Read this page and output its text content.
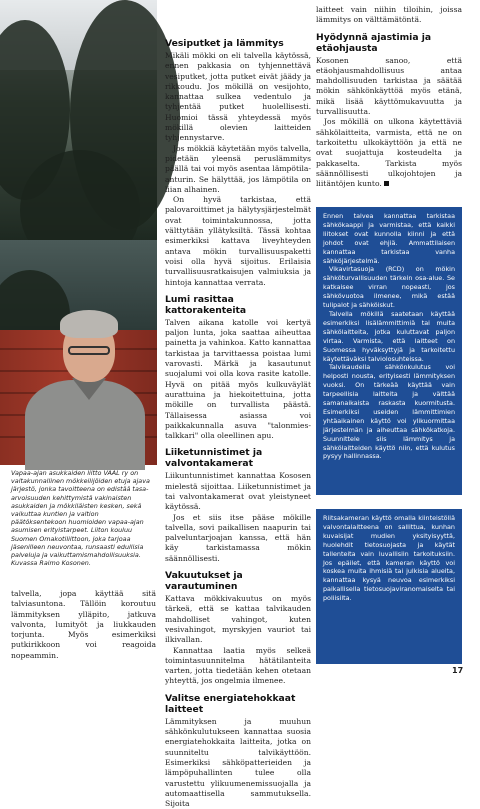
Vapaa-ajan asukkaiden liitto VAAL ry on valtakunnallinen mökkeilijöiden etuja ajava järjestö, jonka tavoitteena on edistää tasa-arvoisuuden kehittymistä vakinaisten asukkaiden ja mökkiläisten kesken, sekä vaikuttaa kuntien ja valtion päätöksentekoon huomioiden vapaa-ajan asumisen erityistarpeet. Liiton kouluu Suomen Omakotiliittoon, joka tarjoaa jäsenilleen neuvontaa, runsaasti edullisia palveluja ja vaikuttamismahdollisuuksia. Kuvassa Raimo Kosonen.
talvella, jopa käyttää sitä talviasuntona. Tällöin koroutuu lämmityksen ylläpito, jatkuva valvonta, lumityöt ja liukkauden torjunta. Myös esimerkiksi putkirikkoon voi reagoida nopeammin.
Vesiputket ja lämmitys

Mikäli mökki on eli talvella käytössä, ennen pakkasia on tyhjennettävä vesiputket, jotta putket eivät jäädy ja rikkoudu. Jos mökillä on vesijohto, kannattaa sulkea vedentulo ja tyhjentää putket huolellisesti. Huomioi tässä yhteydessä myös mökillä olevien laitteiden tyhjennystarve.

Jos mökkiä käytetään myös talvella, pidetään yleensä peruslämmitys päällä tai voi myös asentaa lämpötila-anturin. Se hälyttää, jos lämpötila on liian alhainen.

On hyvä tarkistaa, että palovaroittimet ja hälytysjärjestelmät ovat toimintakunnossa, jotta välttytään yllätyksiltä. Tässä kohtaa esimerkiksi kattava liveyhteyden antava mökin turvallisuuspaketti voisi olla hyvä sijoitus. Erilaisia turvallisuusratkaisujen valmiuksia ja hintoja kannattaa verrata.

Lumi rasittaa kattorakenteita

Talven aikana katolle voi kertyä paljon lunta, joka saattaa aiheuttaa painetta ja vahinkoa. Katto kannattaa tarkistaa ja tarvittaessa poistaa lumi varovasti. Märkä ja kasautunut suojalumi voi olla kova rasite katolle. Hyvä on pitää myös kulkuväylät aurattuina ja hiekoitettuina, jotta mökille on turvallista päästä. Tällaisessa asiassa voi paikkakunnalla asuva "talonmies-talkkari" olla oleellinen apu.

Liiketunnistimet ja valvontakamerat

Liikuntunnistimet kannattaa Kososen mielestä sijoittaa. Liiketunnistimet ja tai valvontakamerat ovat yleistyneet käytössä.

Jos et siis itse pääse mökille talvella, sovi paikallisen naapurin tai palveluntarjoajan kanssa, että hän käy tarkistamassa mökin säännöllisesti.

Vakuutukset ja varautuminen

Kattava mökkivakuutus on myös tärkeä, että se kattaa talvikauden mahdolliset vahingot, kuten vesivahingot, myrskyjen vauriot tai ilkivallan.

Kannattaa laatia myös selkeä toimintasuunnitelma hätätilanteita varten, jotta tiedetään kehen otetaan yhteyttä, jos ongelmia ilmenee.

Valitse energiatehokkaat laitteet

Lämmityksen ja muuhun sähkönkulutukseen kannattaa suosia energiatehokkaita laitteita, jotka on suunniteltu talvikäyttöön. Esimerkiksi sähköpatterieiden ja lämpöpuhallinten tulee olla varustettu ylikuumenemissuojalla ja automaattisella sammutuksella. Sijoita

laitteet vain niihin tiloihin, joissa lämmitys on välttämätöntä.

Hyödynnä ajastimia ja etäohjausta

Kosonen sanoo, että etäohjausmahdollisuus antaa mahdollisuuden tarkistaa ja säätää mökin sähkönkäyttöä myös etänä, mikä lisää käyttömukavuutta ja turvallisuutta.

Jos mökillä on ulkona käytettäviä sähkölaitteita, varmista, että ne on tarkoitettu ulkokäyttöön ja että ne ovat suojattuja kosteudelta ja pakkaselta. Tarkista myös säännöllisesti ulkojohtojen ja liitäntöjen kunto.

Ennen talvea kannattaa tarkistaa sähkökaappi ja varmistaa, että kaikki liitokset ovat kunnolla kiinni ja että johdot ovat ehjiä. Ammattilaisen kannattaa tarkistaa vanha sähköjärjestelmä.

Vikavirtasuoja (RCD) on mökin sähköturvallisuuden tärkein osa-alue. Se katkaisee virran nopeasti, jos sähkövuotoa ilmenee, mikä estää tulipalot ja sähköiskut.

Talvella mökillä saatetaan käyttää esimerkiksi lisälämmittimiä tai muita sähkölaitteita, jotka kuluttavat paljon virtaa. Varmista, että laitteet on Suomessa hyväksyttyjä ja tarkoitettu käytettäväksi talviolosuhteissa.

Talvikaudella sähkönkulutus voi helposti nousta, erityisesti lämmityksen vuoksi. On tärkeää käyttää vain tarpeellisia laitteita ja välttää samanaikaista raskasta kuormitusta. Esimerkiksi useiden lämmittimien yhtäaikainen käyttö voi ylikuormittaa järjestelmän ja aiheuttaa sähkökatkoja. Suunnittele siis lämmitys ja sähkölaitteiden käyttö niin, että kulutus pysyy hallinnassa.

Riitsakameran käyttö omalla kiinteistöllä valvontalaitteena on sallittua, kunhan kuvaisijat mudien yksityisyyttä, huolehdit tietosuojasta ja käytät tallenteita vain luvallisiin tarkoituksiin. Jos epäilet, että kameran käyttö voi koskea muita ihmisiä tai julkisia alueita, kannattaa kysyä neuvoa esimerkiksi paikallisella tietosuojaviranomaiselta tai poliisilta.

17
